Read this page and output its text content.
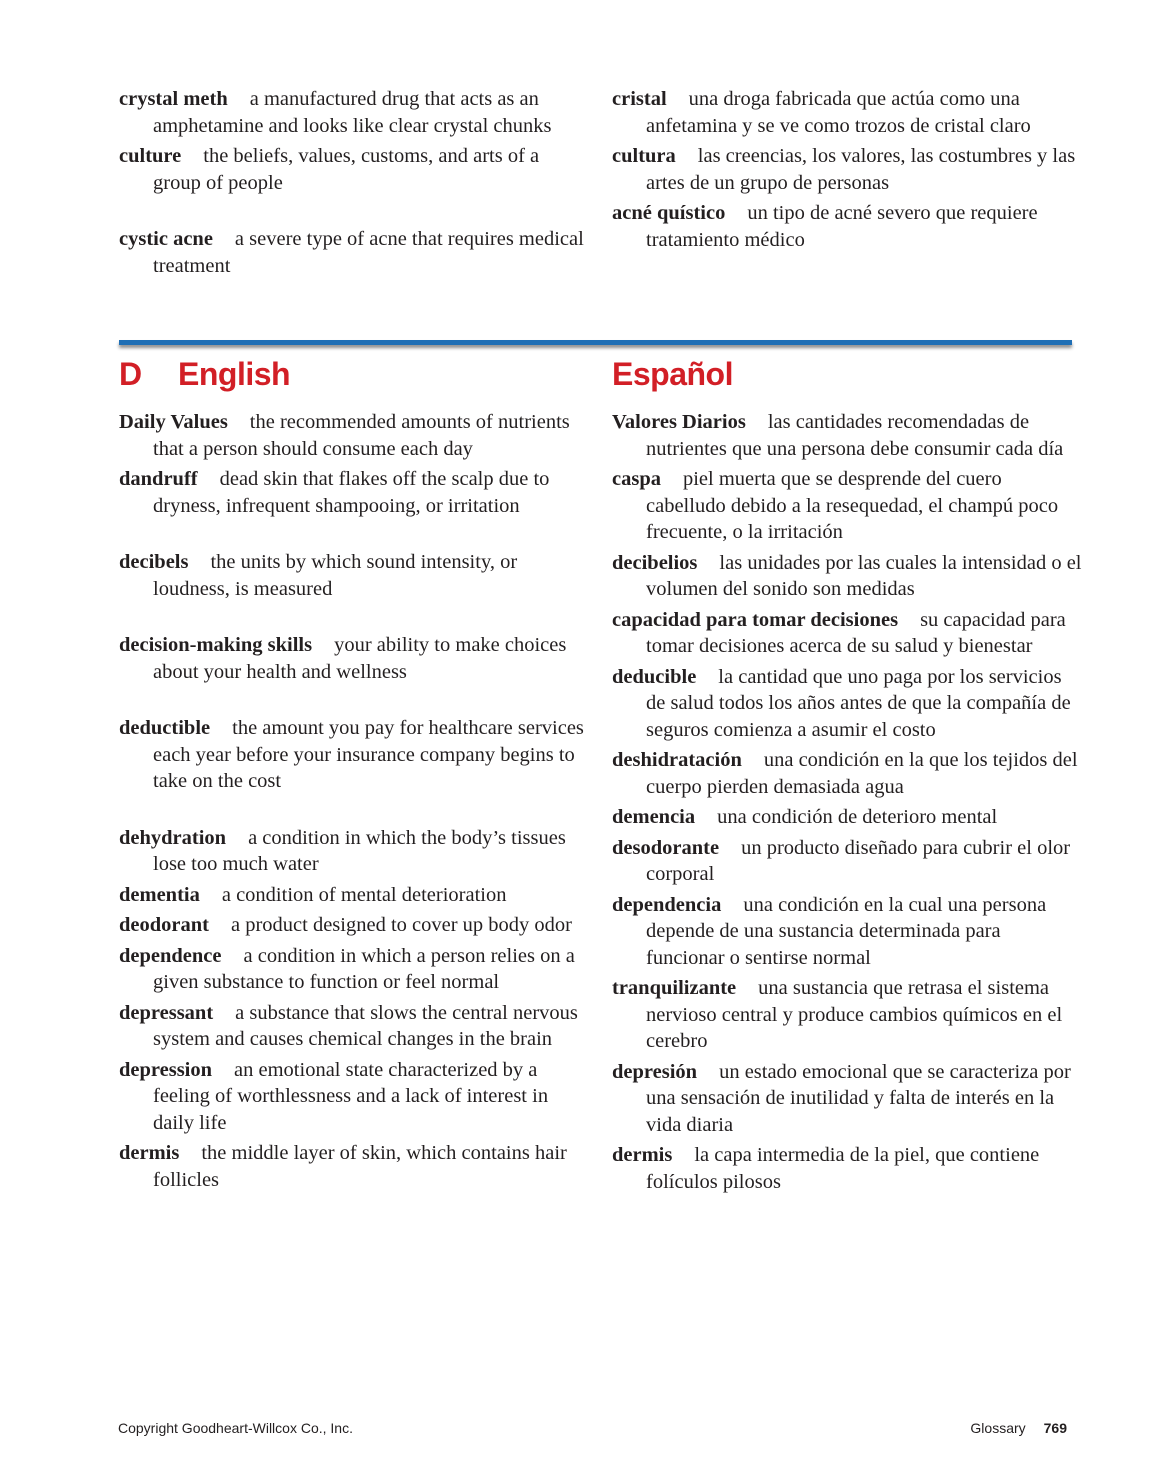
crystal meth a manufactured drug that acts as an amphetamine and looks like clear crystal chunks
culture the beliefs, values, customs, and arts of a group of people
cystic acne a severe type of acne that requires medical treatment
cristal una droga fabricada que actúa como una anfetamina y se ve como trozos de cristal claro
cultura las creencias, los valores, las costumbres y las artes de un grupo de personas
acné quístico un tipo de acné severo que requiere tratamiento médico
D English	Español
Daily Values the recommended amounts of nutrients that a person should consume each day
dandruff dead skin that flakes off the scalp due to dryness, infrequent shampooing, or irritation
decibels the units by which sound intensity, or loudness, is measured
decision-making skills your ability to make choices about your health and wellness
deductible the amount you pay for healthcare services each year before your insurance company begins to take on the cost
dehydration a condition in which the body’s tissues lose too much water
dementia a condition of mental deterioration
deodorant a product designed to cover up body odor
dependence a condition in which a person relies on a given substance to function or feel normal
depressant a substance that slows the central nervous system and causes chemical changes in the brain
depression an emotional state characterized by a feeling of worthlessness and a lack of interest in daily life
dermis the middle layer of skin, which contains hair follicles
Valores Diarios las cantidades recomendadas de nutrientes que una persona debe consumir cada día
caspa piel muerta que se desprende del cuero cabelludo debido a la resequedad, el champú poco frecuente, o la irritación
decibelios las unidades por las cuales la intensidad o el volumen del sonido son medidas
capacidad para tomar decisiones su capacidad para tomar decisiones acerca de su salud y bienestar
deducible la cantidad que uno paga por los servicios de salud todos los años antes de que la compañía de seguros comienza a asumir el costo
deshidratación una condición en la que los tejidos del cuerpo pierden demasiada agua
demencia una condición de deterioro mental
desodorante un producto diseñado para cubrir el olor corporal
dependencia una condición en la cual una persona depende de una sustancia determinada para funcionar o sentirse normal
tranquilizante una sustancia que retrasa el sistema nervioso central y produce cambios químicos en el cerebro
depresión un estado emocional que se caracteriza por una sensación de inutilidad y falta de interés en la vida diaria
dermis la capa intermedia de la piel, que contiene folículos pilosos
Copyright Goodheart-Willcox Co., Inc.	Glossary 769
